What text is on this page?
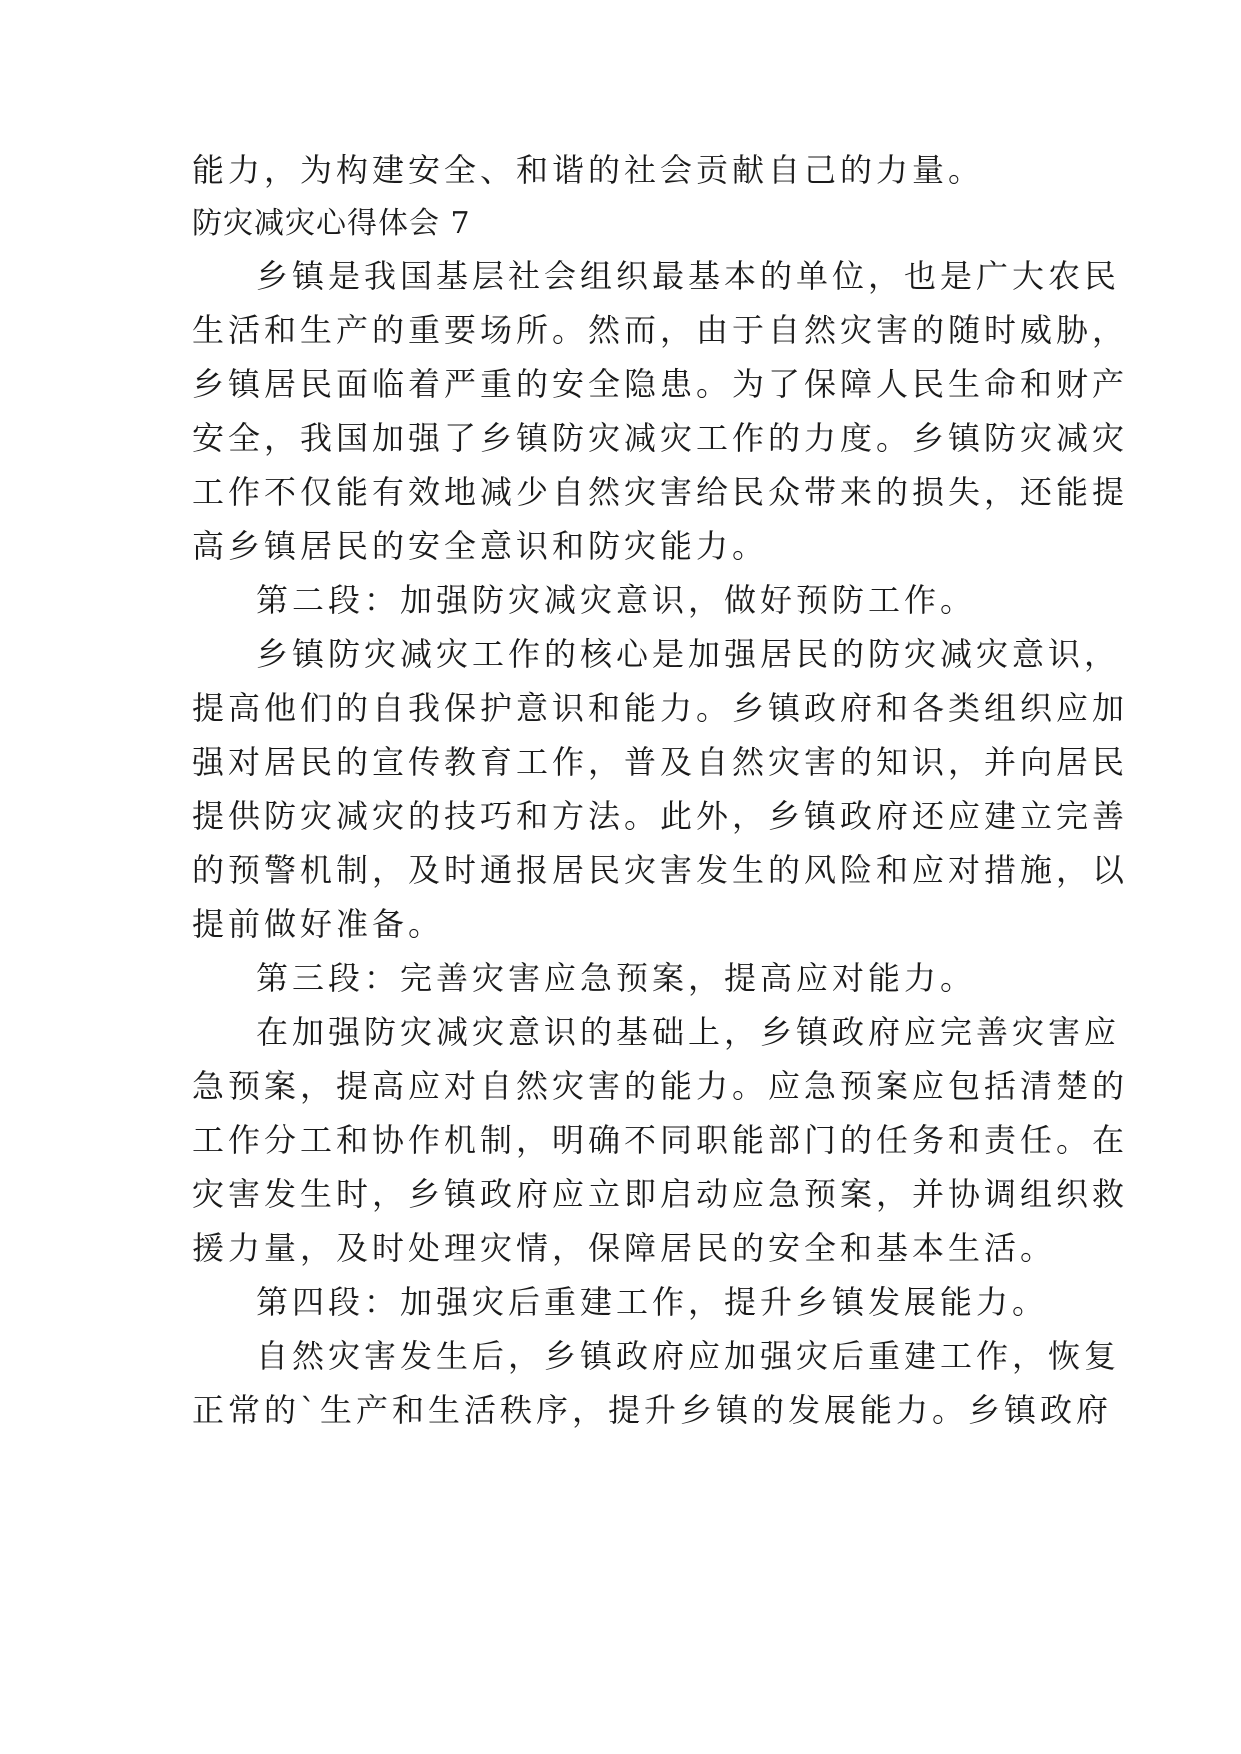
能力，为构建安全、和谐的社会贡献自己的力量。
防灾减灾心得体会 7
乡镇是我国基层社会组织最基本的单位，也是广大农民
生活和生产的重要场所。然而，由于自然灾害的随时威胁，
乡镇居民面临着严重的安全隐患。为了保障人民生命和财产
安全，我国加强了乡镇防灾减灾工作的力度。乡镇防灾减灾
工作不仅能有效地减少自然灾害给民众带来的损失，还能提
高乡镇居民的安全意识和防灾能力。
第二段：加强防灾减灾意识，做好预防工作。
乡镇防灾减灾工作的核心是加强居民的防灾减灾意识，
提高他们的自我保护意识和能力。乡镇政府和各类组织应加
强对居民的宣传教育工作，普及自然灾害的知识，并向居民
提供防灾减灾的技巧和方法。此外，乡镇政府还应建立完善
的预警机制，及时通报居民灾害发生的风险和应对措施，以
提前做好准备。
第三段：完善灾害应急预案，提高应对能力。
在加强防灾减灾意识的基础上，乡镇政府应完善灾害应
急预案，提高应对自然灾害的能力。应急预案应包括清楚的
工作分工和协作机制，明确不同职能部门的任务和责任。在
灾害发生时，乡镇政府应立即启动应急预案，并协调组织救
援力量，及时处理灾情，保障居民的安全和基本生活。
第四段：加强灾后重建工作，提升乡镇发展能力。
自然灾害发生后，乡镇政府应加强灾后重建工作，恢复
正常的`生产和生活秩序，提升乡镇的发展能力。乡镇政府
